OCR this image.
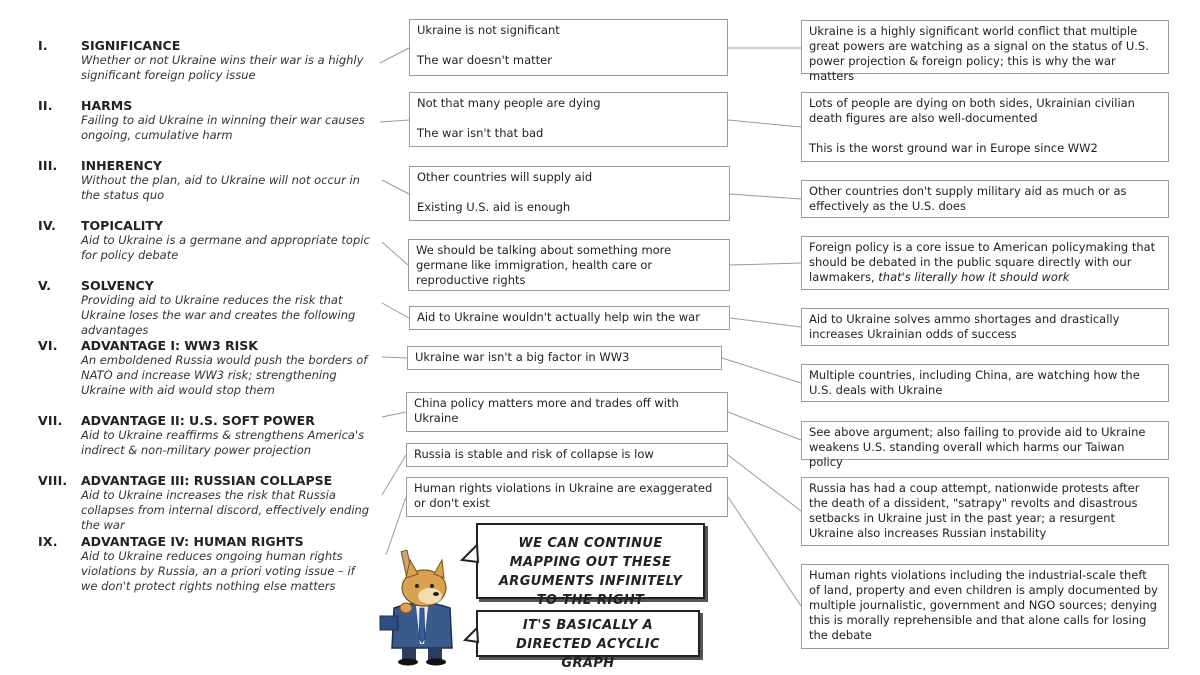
I.	SIGNIFICANCE
Whether or not Ukraine wins their war is a highly significant foreign policy issue
II. HARMS
Failing to aid Ukraine in winning their war causes ongoing, cumulative harm
III. INHERENCY
Without the plan, aid to Ukraine will not occur in the status quo
IV. TOPICALITY
Aid to Ukraine is a germane and appropriate topic for policy debate
V. SOLVENCY
Providing aid to Ukraine reduces the risk that Ukraine loses the war and creates the following advantages
VI. ADVANTAGE I: WW3 RISK
An emboldened Russia would push the borders of NATO and increase WW3 risk; strengthening Ukraine with aid would stop them
VII. ADVANTAGE II: U.S. SOFT POWER
Aid to Ukraine reaffirms & strengthens America's indirect & non-military power projection
VIII. ADVANTAGE III: RUSSIAN COLLAPSE
Aid to Ukraine increases the risk that Russia collapses from internal discord, effectively ending the war
IX. ADVANTAGE IV: HUMAN RIGHTS
Aid to Ukraine reduces ongoing human rights violations by Russia, an a priori voting issue – if we don't protect rights nothing else matters

Ukraine is not significant

The war doesn't matter

Not that many people are dying

The war isn't that bad

Other countries will supply aid

Existing U.S. aid is enough

We should be talking about something more germane like immigration, health care or reproductive rights

Aid to Ukraine wouldn't actually help win the war

Ukraine war isn't a big factor in WW3

China policy matters more and trades off with Ukraine

Russia is stable and risk of collapse is low

Human rights violations in Ukraine are exaggerated or don't exist

Ukraine is a highly significant world conflict that multiple great powers are watching as a signal on the status of U.S. power projection & foreign policy; this is why the war matters

Lots of people are dying on both sides, Ukrainian civilian death figures are also well-documented

This is the worst ground war in Europe since WW2

Other countries don't supply military aid as much or as effectively as the U.S. does

Foreign policy is a core issue to American policymaking that should be debated in the public square directly with our lawmakers, that's literally how it should work

Aid to Ukraine solves ammo shortages and drastically increases Ukrainian odds of success

Multiple countries, including China, are watching how the U.S. deals with Ukraine

See above argument; also failing to provide aid to Ukraine weakens U.S. standing overall which harms our Taiwan policy

Russia has had a coup attempt, nationwide protests after the death of a dissident, "satrapy" revolts and disastrous setbacks in Ukraine just in the past year; a resurgent Ukraine also increases Russian instability

Human rights violations including the industrial-scale theft of land, property and even children is amply documented by multiple journalistic, government and NGO sources; denying this is morally reprehensible and that alone calls for losing the debate

WE CAN CONTINUE MAPPING OUT THESE ARGUMENTS INFINITELY TO THE RIGHT
IT'S BASICALLY A DIRECTED ACYCLIC GRAPH
